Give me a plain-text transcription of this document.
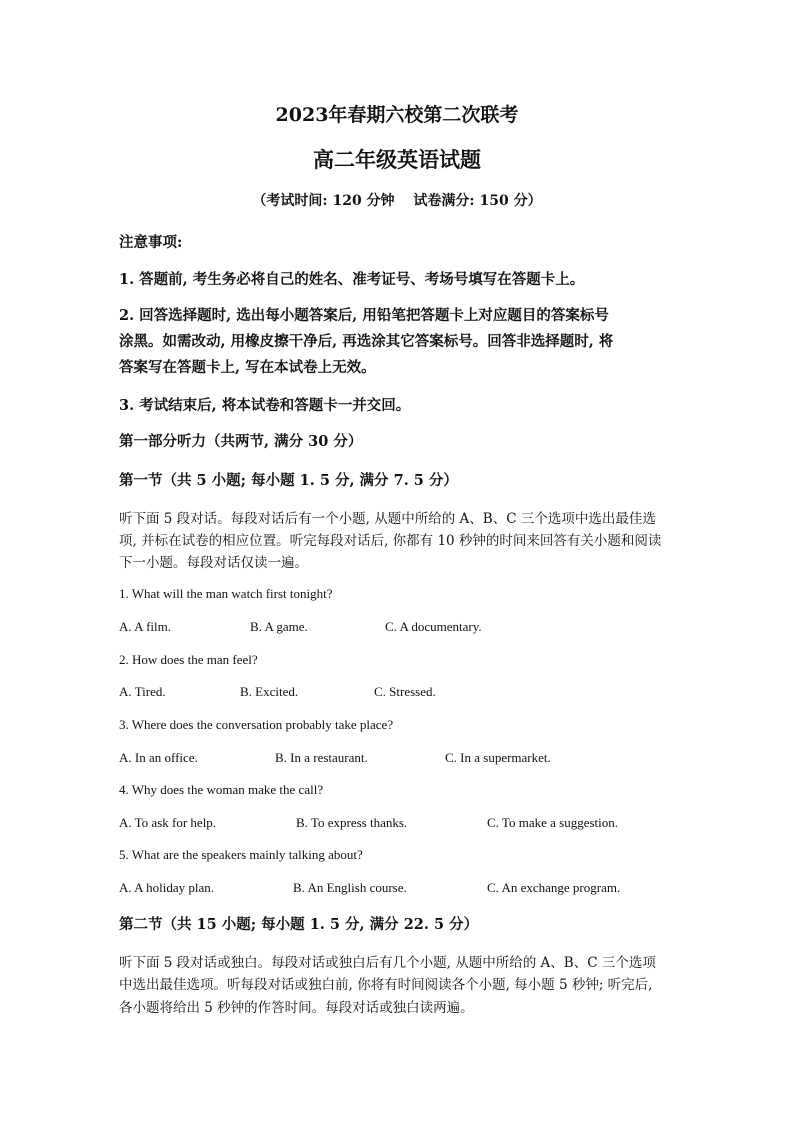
2023年春期六校第二次联考
高二年级英语试题
（考试时间: 120 分钟　 试卷满分: 150 分）
注意事项:
1. 答题前, 考生务必将自己的姓名、准考证号、考场号填写在答题卡上。
2. 回答选择题时, 选出每小题答案后, 用铅笔把答题卡上对应题目的答案标号
涂黑。如需改动, 用橡皮擦干净后, 再选涂其它答案标号。回答非选择题时, 将
答案写在答题卡上, 写在本试卷上无效。
3. 考试结束后, 将本试卷和答题卡一并交回。
第一部分听力（共两节, 满分 30 分）
第一节（共 5 小题; 每小题 1. 5 分, 满分 7. 5 分）
听下面 5 段对话。每段对话后有一个小题, 从题中所给的 A、B、C 三个选项中选出最佳选
项, 并标在试卷的相应位置。听完每段对话后, 你都有 10 秒钟的时间来回答有关小题和阅读
下一小题。每段对话仅读一遍。
1. What will the man watch first tonight?
A. A film.	B. A game.	C. A documentary.
2. How does the man feel?
A. Tired.	B. Excited.	C. Stressed.
3. Where does the conversation probably take place?
A. In an office.	B. In a restaurant.	C. In a supermarket.
4. Why does the woman make the call?
A. To ask for help.	B. To express thanks.	C. To make a suggestion.
5. What are the speakers mainly talking about?
A. A holiday plan.	B. An English course.	C. An exchange program.
第二节（共 15 小题; 每小题 1. 5 分, 满分 22. 5 分）
听下面 5 段对话或独白。每段对话或独白后有几个小题, 从题中所给的 A、B、C 三个选项
中选出最佳选项。听每段对话或独白前, 你将有时间阅读各个小题, 每小题 5 秒钟; 听完后,
各小题将给出 5 秒钟的作答时间。每段对话或独白读两遍。
